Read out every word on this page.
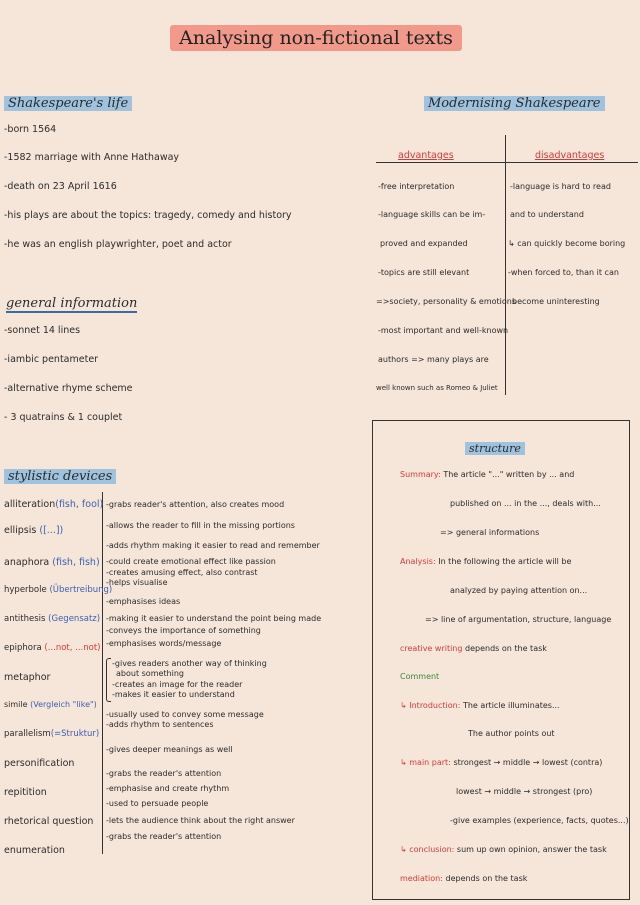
Analysing non-fictional texts
Shakespeare's life
-born 1564
-1582 marriage with Anne Hathaway
-death on 23 April 1616
-his plays are about the topics: tragedy, comedy and history
-he was an english playwrighter, poet and actor
general information
-sonnet 14 lines
-iambic pentameter
-alternative rhyme scheme
- 3 quatrains & 1 couplet
Modernising Shakespeare
advantages	disadvantages
-free interpretation
-language skills can be im-
proved and expanded
-topics are still elevant
=>society, personality & emotions
-most important and well-known
authors => many plays are
well known such as Romeo & Juliet
-language is hard to read
and to understand
↳ can quickly become boring
-when forced to, than it can
become uninteresting
stylistic devices
alliteration(fish, fool)
ellipsis ([...])
anaphora (fish, fish)
hyperbole (Übertreibung)
antithesis (Gegensatz)
epiphora (...not, ...not)
metaphor
simile (Vergleich "like")
parallelism(=Struktur)
personification
repitition
rhetorical question
enumeration
-grabs reader's attention, also creates mood
-allows the reader to fill in the missing portions
-adds rhythm making it easier to read and remember
-could create emotional effect like passion
-creates amusing effect, also contrast
-helps visualise
-emphasises ideas
-making it easier to understand the point being made
-conveys the importance of something
-emphasises words/message
-gives readers another way of thinking
about something
-creates an image for the reader
-makes it easier to understand
-usually used to convey some message
-adds rhythm to sentences
-gives deeper meanings as well
-grabs the reader's attention
-emphasise and create rhythm
-used to persuade people
-lets the audience think about the right answer
-grabs the reader's attention
structure
Summary: The article "..." written by ... and
published on ... in the ..., deals with...
=> general informations
Analysis: In the following the article will be
analyzed by paying attention on...
=> line of argumentation, structure, language
creative writing depends on the task
Comment
↳ Introduction: The article illuminates...
The author points out
↳ main part: strongest → middle → lowest (contra)
lowest → middle → strongest (pro)
-give examples (experience, facts, quotes...)
↳ conclusion: sum up own opinion, answer the task
mediation: depends on the task
